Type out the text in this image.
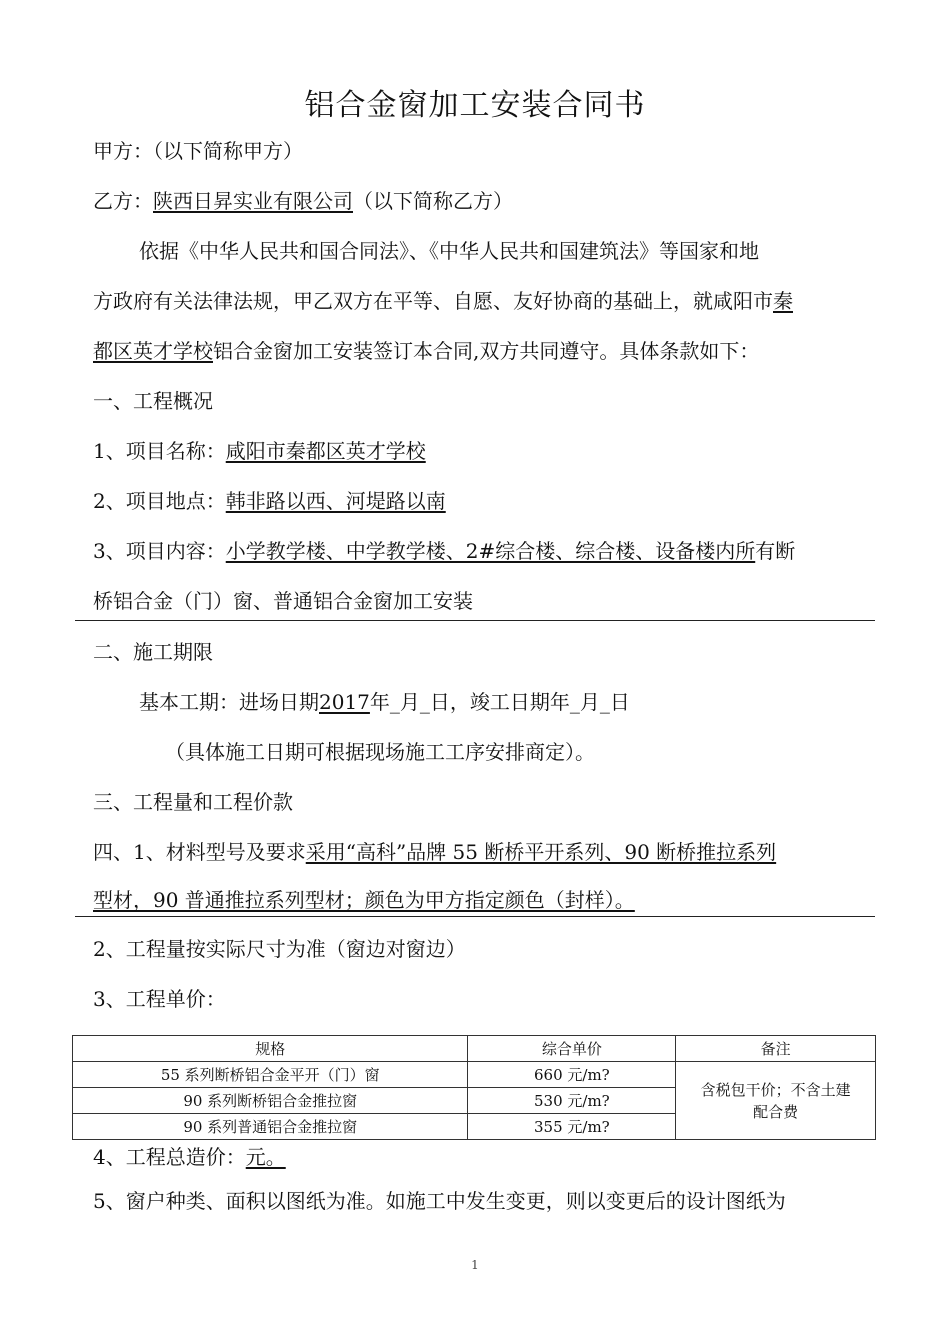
铝合金窗加工安装合同书
甲方：（以下简称甲方）
乙方：陕西日昇实业有限公司（以下简称乙方）
依据《中华人民共和国合同法》、《中华人民共和国建筑法》等国家和地
方政府有关法律法规，甲乙双方在平等、自愿、友好协商的基础上，就咸阳市秦
都区英才学校铝合金窗加工安装签订本合同,双方共同遵守。具体条款如下：
一、工程概况
1、项目名称：咸阳市秦都区英才学校
2、项目地点：韩非路以西、河堤路以南
3、项目内容：小学教学楼、中学教学楼、2#综合楼、综合楼、设备楼内所有断
桥铝合金（门）窗、普通铝合金窗加工安装
二、施工期限
基本工期：进场日期2017年_月_日，竣工日期年_月_日
（具体施工日期可根据现场施工工序安排商定）。
三、工程量和工程价款
四、1、材料型号及要求采用“高科”品牌 55 断桥平开系列、90 断桥推拉系列
型材，90 普通推拉系列型材；颜色为甲方指定颜色（封样）。
2、工程量按实际尺寸为准（窗边对窗边）
3、工程单价：
规格	综合单价	备注
55 系列断桥铝合金平开（门）窗	660 元/m?	含税包干价；不含土建
配合费

90 系列断桥铝合金推拉窗	530 元/m?	
90 系列普通铝合金推拉窗	355 元/m?	
4、工程总造价：元。
5、窗户种类、面积以图纸为准。如施工中发生变更，则以变更后的设计图纸为
1
